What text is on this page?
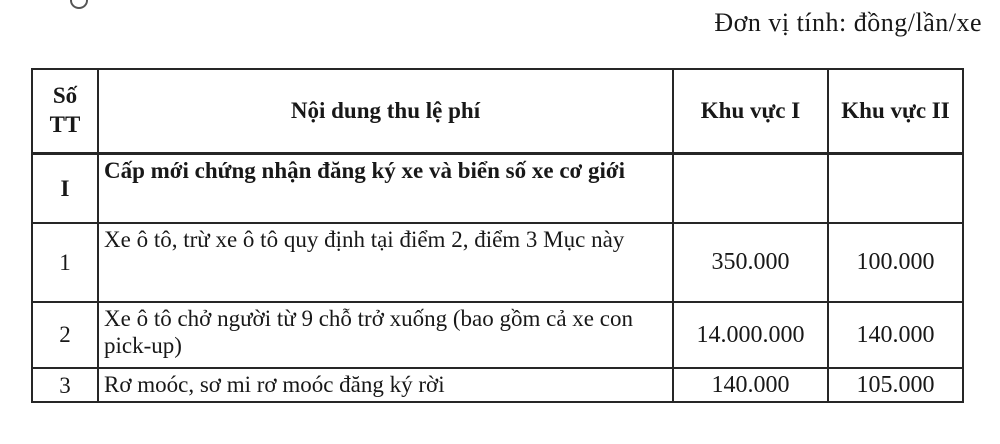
Đơn vị tính: đồng/lần/xe
Số TT	Nội dung thu lệ phí	Khu vực I	Khu vực II
I	Cấp mới chứng nhận đăng ký xe và biển số xe cơ giới		
1	Xe ô tô, trừ xe ô tô quy định tại điểm 2, điểm 3 Mục này	350.000	100.000
2	Xe ô tô chở người từ 9 chỗ trở xuống (bao gồm cả xe con pick-up)	14.000.000	140.000
3	Rơ moóc, sơ mi rơ moóc đăng ký rời	140.000	105.000
